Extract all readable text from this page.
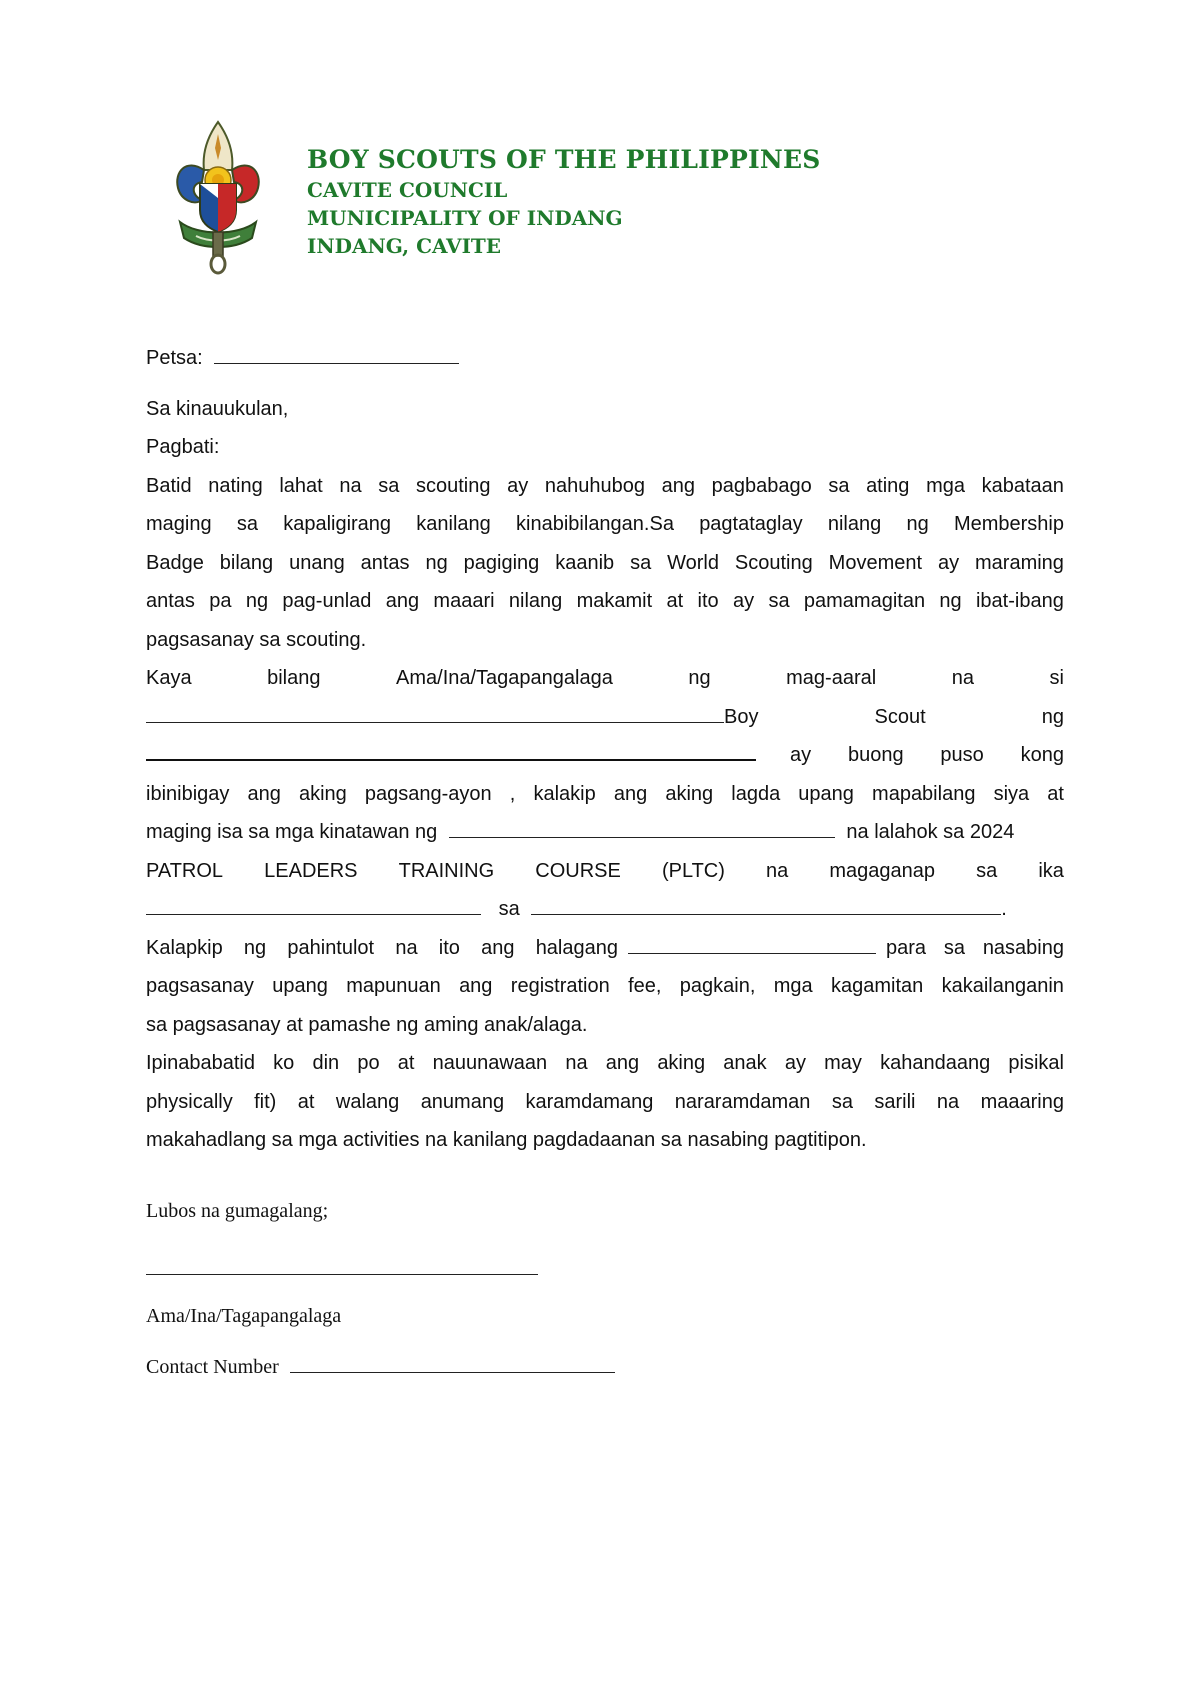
BOY SCOUTS OF THE PHILIPPINES
CAVITE COUNCIL
MUNICIPALITY OF INDANG
INDANG, CAVITE
Petsa:
Sa kinauukulan,
Pagbati:
Batid nating lahat na sa scouting ay nahuhubog ang pagbabago sa ating mga kabataan
maging sa kapaligirang kanilang kinabibilangan.Sa pagtataglay nilang ng Membership
Badge bilang unang antas ng pagiging kaanib sa World Scouting Movement ay maraming
antas pa ng pag-unlad ang maaari nilang makamit at ito ay sa pamamagitan ng ibat-ibang
pagsasanay sa scouting.
Kaya	bilang	Ama/Ina/Tagapangalaga	ng	mag-aaral	na	si
Boy	Scout	ng
ay buong puso kong
ibinibigay ang aking pagsang-ayon , kalakip ang aking lagda upang mapabilang siya at
maging isa sa mga kinatawan ng	na lalahok sa 2024
PATROL LEADERS TRAINING COURSE (PLTC) na magaganap sa ika
sa	.
Kalapkip ng pahintulot na ito ang halagang	para sa nasabing
pagsasanay upang mapunuan ang registration fee, pagkain, mga kagamitan kakailanganin
sa pagsasanay at pamashe ng aming anak/alaga.
Ipinababatid ko din po at nauunawaan na ang aking anak ay may kahandaang pisikal
physically fit) at walang anumang karamdamang nararamdaman sa sarili na maaaring
makahadlang sa mga activities na kanilang pagdadaanan sa nasabing pagtitipon.
Lubos na gumagalang;
Ama/Ina/Tagapangalaga
Contact Number
